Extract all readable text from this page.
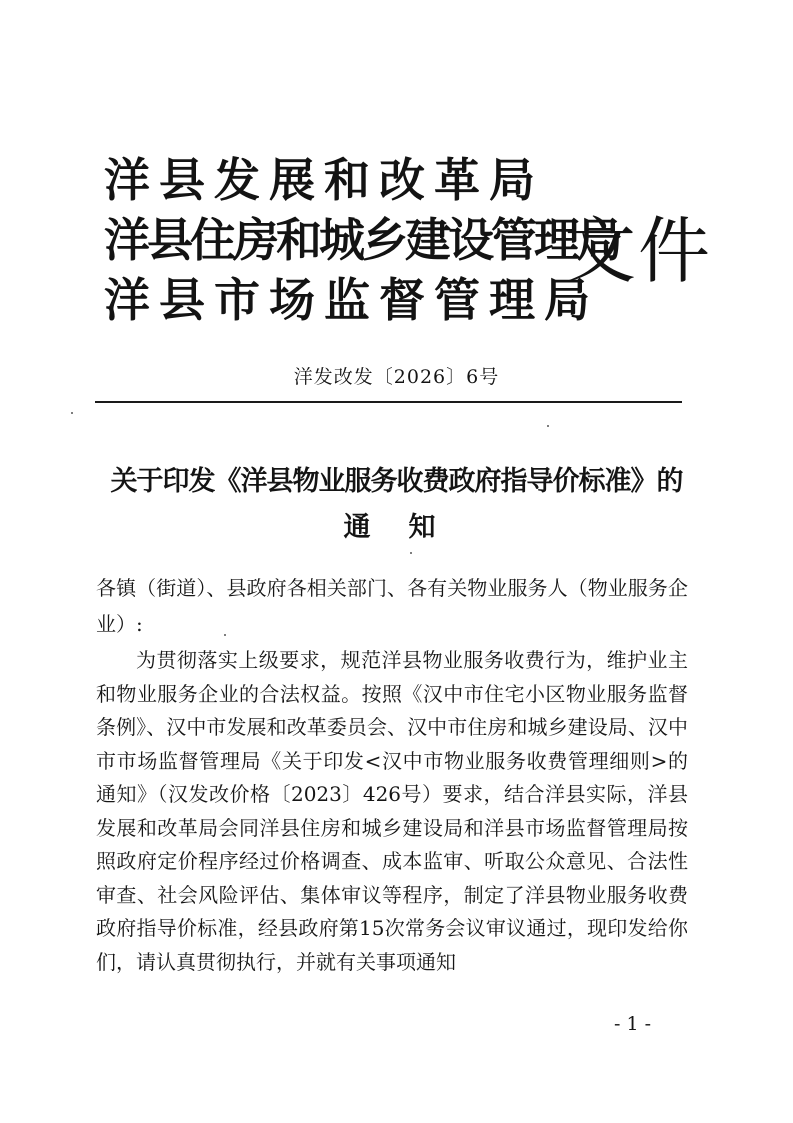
洋县发展和改革局
洋县住房和城乡建设管理局
洋县市场监督管理局
文件
洋发改发〔2026〕6号
关于印发《洋县物业服务收费政府指导价标准》的
通知
各镇（街道）、县政府各相关部门、各有关物业服务人（物业服务企业）:
为贯彻落实上级要求，规范洋县物业服务收费行为，维护业主和物业服务企业的合法权益。按照《汉中市住宅小区物业服务监督条例》、汉中市发展和改革委员会、汉中市住房和城乡建设局、汉中市市场监督管理局《关于印发<汉中市物业服务收费管理细则>的通知》（汉发改价格〔2023〕426号）要求，结合洋县实际，洋县发展和改革局会同洋县住房和城乡建设局和洋县市场监督管理局按照政府定价程序经过价格调查、成本监审、听取公众意见、合法性审查、社会风险评估、集体审议等程序，制定了洋县物业服务收费政府指导价标准，经县政府第15次常务会议审议通过，现印发给你们，请认真贯彻执行，并就有关事项通知
- 1 -
